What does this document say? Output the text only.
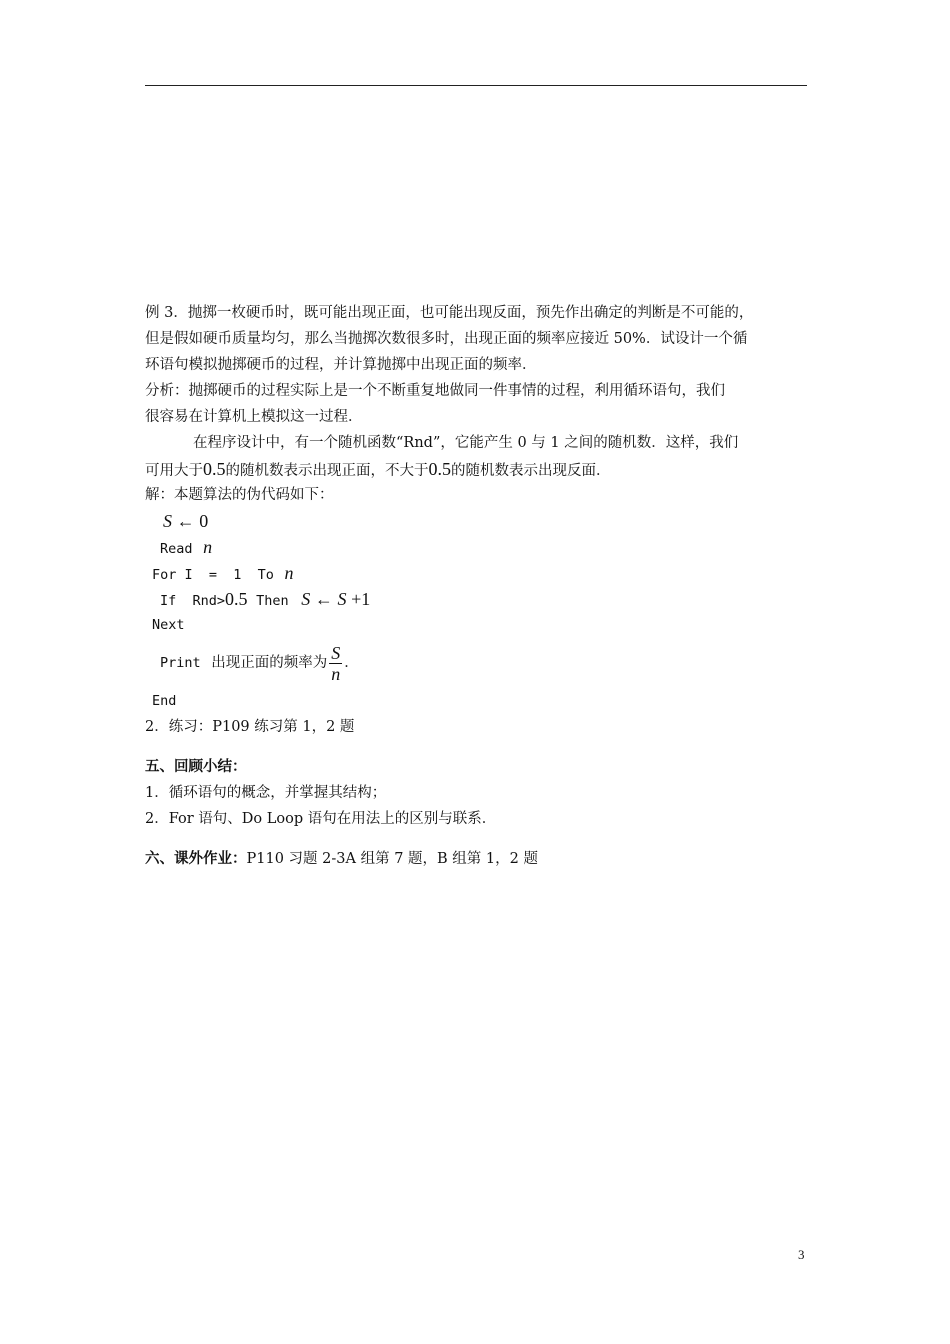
例 3．抛掷一枚硬币时，既可能出现正面，也可能出现反面，预先作出确定的判断是不可能的，
但是假如硬币质量均匀，那么当抛掷次数很多时，出现正面的频率应接近 50%．试设计一个循
环语句模拟抛掷硬币的过程，并计算抛掷中出现正面的频率．
分析：抛掷硬币的过程实际上是一个不断重复地做同一件事情的过程，利用循环语句，我们
很容易在计算机上模拟这一过程．
在程序设计中，有一个随机函数“Rnd”，它能产生 0 与 1 之间的随机数．这样，我们
可用大于0.5的随机数表示出现正面，不大于0.5的随机数表示出现反面．
解：本题算法的伪代码如下：
S ← 0
Read n
For I  =  1  To n
If  Rnd>0.5 Then S ← S +1
Next
Print 出现正面的频率为 $\frac{S}{n}$ ．
End
2．练习：P109 练习第 1，2 题
五、回顾小结：
1．循环语句的概念，并掌握其结构；
2．For 语句、Do Loop 语句在用法上的区别与联系．
六、课外作业：P110 习题 2-3A 组第 7 题，B 组第 1，2 题
3
